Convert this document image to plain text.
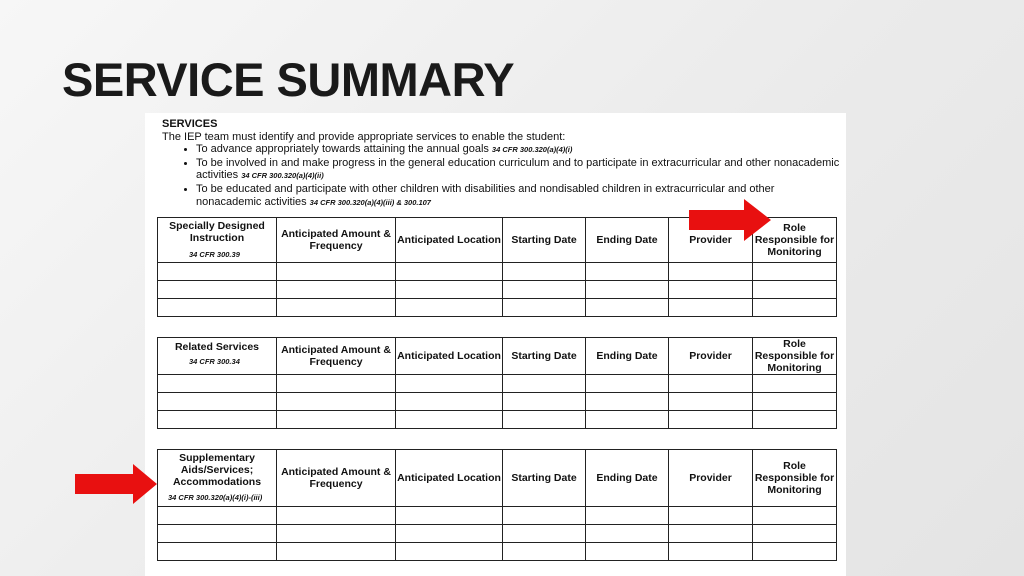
SERVICE SUMMARY
SERVICES
The IEP team must identify and provide appropriate services to enable the student:
• To advance appropriately towards attaining the annual goals 34 CFR 300.320(a)(4)(i)
• To be involved in and make progress in the general education curriculum and to participate in extracurricular and other nonacademic activities 34 CFR 300.320(a)(4)(ii)
• To be educated and participate with other children with disabilities and nondisabled children in extracurricular and other nonacademic activities 34 CFR 300.320(a)(4)(iii) & 300.107
Specially Designed Instruction
34 CFR 300.39	Anticipated Amount & Frequency	Anticipated Location	Starting Date	Ending Date	Provider	Role Responsible for Monitoring

Related Services
34 CFR 300.34	Anticipated Amount & Frequency	Anticipated Location	Starting Date	Ending Date	Provider	Role Responsible for Monitoring

Supplementary Aids/Services; Accommodations
34 CFR 300.320(a)(4)(i)-(iii)	Anticipated Amount & Frequency	Anticipated Location	Starting Date	Ending Date	Provider	Role Responsible for Monitoring
